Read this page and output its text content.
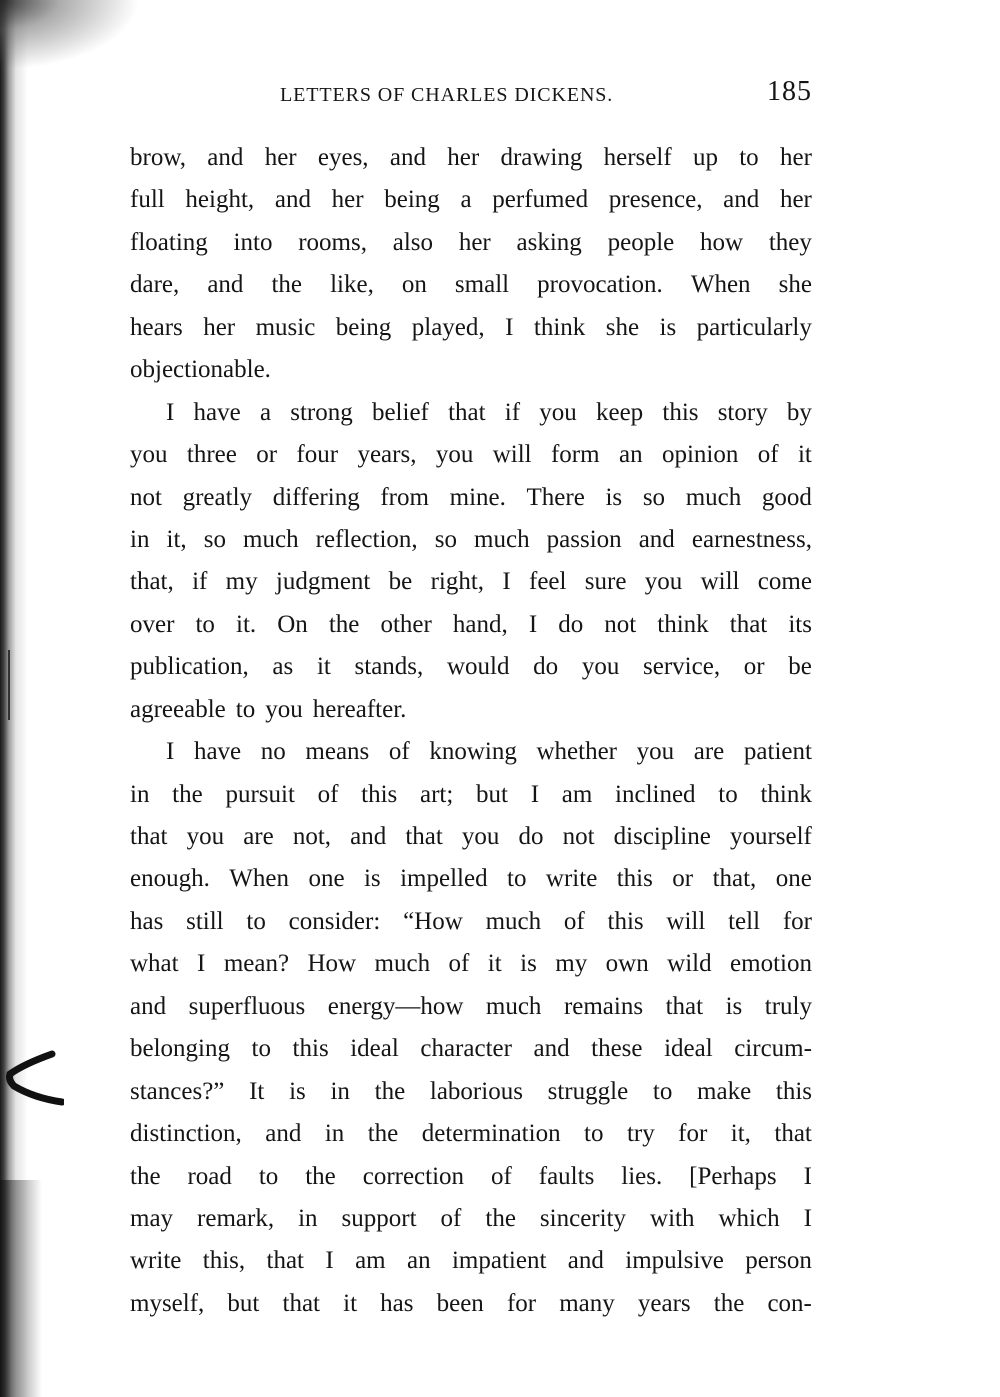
LETTERS OF CHARLES DICKENS.	185
brow, and her eyes, and her drawing herself up to her
full height, and her being a perfumed presence, and her
floating into rooms, also her asking people how they
dare, and the like, on small provocation. When she
hears her music being played, I think she is particularly
objectionable.
I have a strong belief that if you keep this story by
you three or four years, you will form an opinion of it
not greatly differing from mine. There is so much good
in it, so much reflection, so much passion and earnestness,
that, if my judgment be right, I feel sure you will come
over to it. On the other hand, I do not think that its
publication, as it stands, would do you service, or be
agreeable to you hereafter.
I have no means of knowing whether you are patient
in the pursuit of this art; but I am inclined to think
that you are not, and that you do not discipline yourself
enough. When one is impelled to write this or that, one
has still to consider: “How much of this will tell for
what I mean? How much of it is my own wild emotion
and superfluous energy—how much remains that is truly
belonging to this ideal character and these ideal circum-
stances?” It is in the laborious struggle to make this
distinction, and in the determination to try for it, that
the road to the correction of faults lies. [Perhaps I
may remark, in support of the sincerity with which I
write this, that I am an impatient and impulsive person
myself, but that it has been for many years the con-
